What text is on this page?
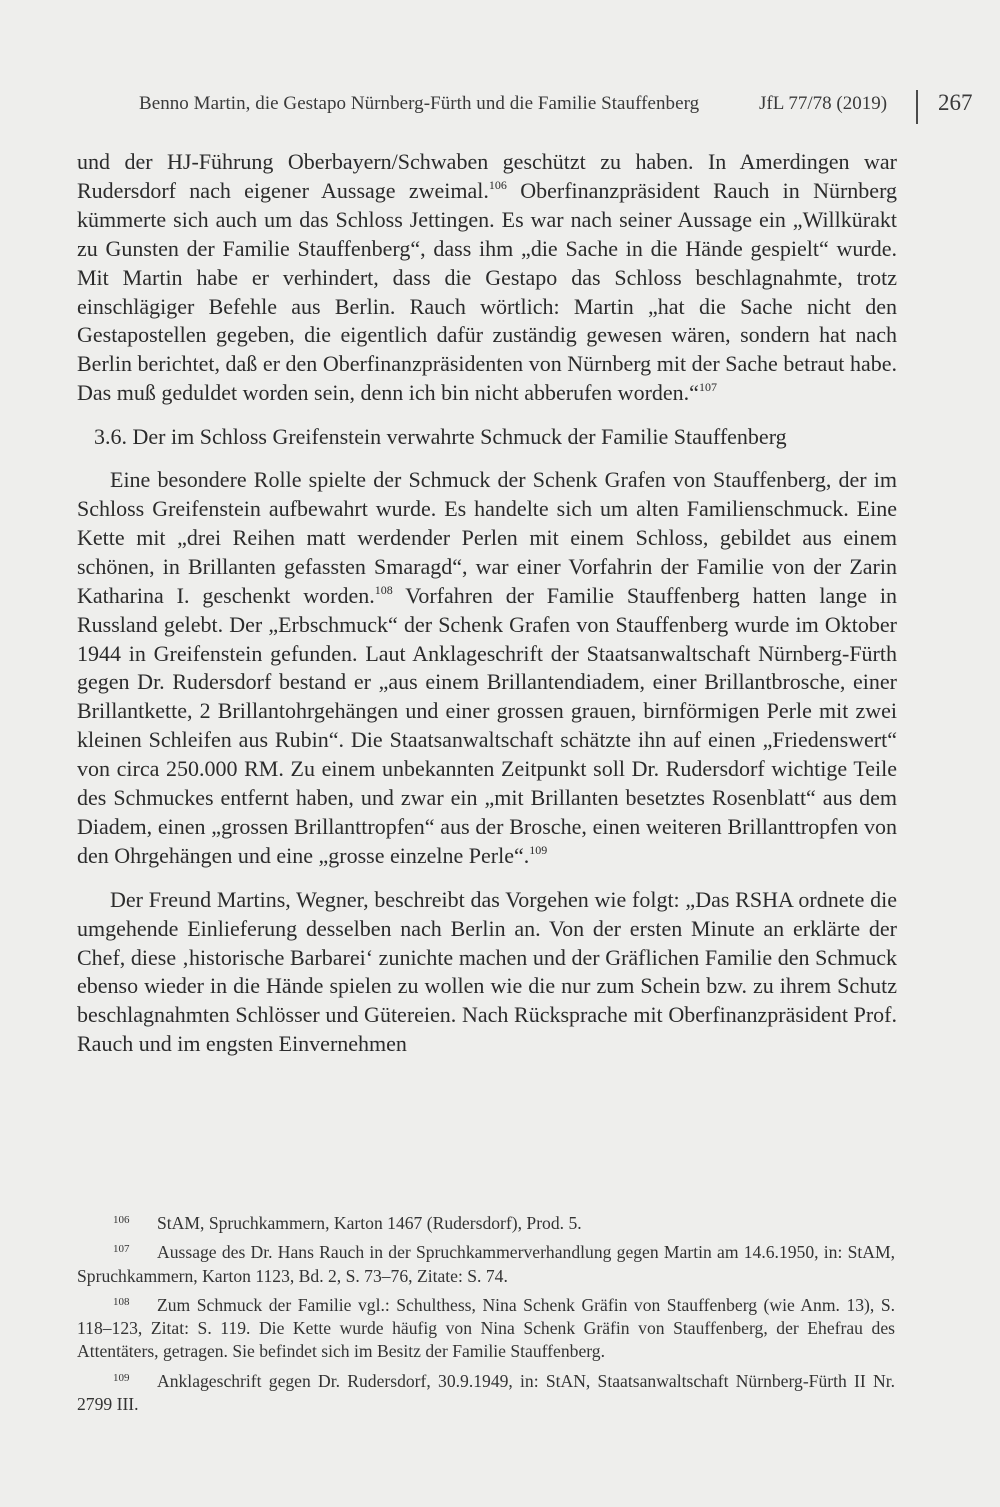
Benno Martin, die Gestapo Nürnberg-Fürth und die Familie Stauffenberg	JfL 77/78 (2019) 267

und der HJ-Führung Oberbayern/Schwaben geschützt zu haben. In Amerdingen war Rudersdorf nach eigener Aussage zweimal.$^{106}$ Oberfinanzpräsident Rauch in Nürnberg kümmerte sich auch um das Schloss Jettingen. Es war nach seiner Aussage ein „Willkürakt zu Gunsten der Familie Stauffenberg“, dass ihm „die Sache in die Hände gespielt“ wurde. Mit Martin habe er verhindert, dass die Gestapo das Schloss beschlagnahmte, trotz einschlägiger Befehle aus Berlin. Rauch wörtlich: Martin „hat die Sache nicht den Gestapostellen gegeben, die eigentlich dafür zuständig gewesen wären, sondern hat nach Berlin berichtet, daß er den Oberfinanzpräsidenten von Nürnberg mit der Sache betraut habe. Das muß geduldet worden sein, denn ich bin nicht abberufen worden.“$^{107}$

3.6. Der im Schloss Greifenstein verwahrte Schmuck der Familie Stauffenberg

Eine besondere Rolle spielte der Schmuck der Schenk Grafen von Stauffenberg, der im Schloss Greifenstein aufbewahrt wurde. Es handelte sich um alten Familienschmuck. Eine Kette mit „drei Reihen matt werdender Perlen mit einem Schloss, gebildet aus einem schönen, in Brillanten gefassten Smaragd“, war einer Vorfahrin der Familie von der Zarin Katharina I. geschenkt worden.$^{108}$ Vorfahren der Familie Stauffenberg hatten lange in Russland gelebt. Der „Erbschmuck“ der Schenk Grafen von Stauffenberg wurde im Oktober 1944 in Greifenstein gefunden. Laut Anklageschrift der Staatsanwaltschaft Nürnberg-Fürth gegen Dr. Rudersdorf bestand er „aus einem Brillantendiadem, einer Brillantbrosche, einer Brillantkette, 2 Brillantohrgehängen und einer grossen grauen, birnförmigen Perle mit zwei kleinen Schleifen aus Rubin“. Die Staatsanwaltschaft schätzte ihn auf einen „Friedenswert“ von circa 250.000 RM. Zu einem unbekannten Zeitpunkt soll Dr. Rudersdorf wichtige Teile des Schmuckes entfernt haben, und zwar ein „mit Brillanten besetztes Rosenblatt“ aus dem Diadem, einen „grossen Brillanttropfen“ aus der Brosche, einen weiteren Brillanttropfen von den Ohrgehängen und eine „grosse einzelne Perle“.$^{109}$

Der Freund Martins, Wegner, beschreibt das Vorgehen wie folgt: „Das RSHA ordnete die umgehende Einlieferung desselben nach Berlin an. Von der ersten Minute an erklärte der Chef, diese ‚historische Barbarei‘ zunichte machen und der Gräflichen Familie den Schmuck ebenso wieder in die Hände spielen zu wollen wie die nur zum Schein bzw. zu ihrem Schutz beschlagnahmten Schlösser und Gütereien. Nach Rücksprache mit Oberfinanzpräsident Prof. Rauch und im engsten Einvernehmen

106 StAM, Spruchkammern, Karton 1467 (Rudersdorf), Prod. 5.

107 Aussage des Dr. Hans Rauch in der Spruchkammerverhandlung gegen Martin am 14.6.1950, in: StAM, Spruchkammern, Karton 1123, Bd. 2, S. 73–76, Zitate: S. 74.

108 Zum Schmuck der Familie vgl.: Schulthess, Nina Schenk Gräfin von Stauffenberg (wie Anm. 13), S. 118–123, Zitat: S. 119. Die Kette wurde häufig von Nina Schenk Gräfin von Stauffenberg, der Ehefrau des Attentäters, getragen. Sie befindet sich im Besitz der Familie Stauffenberg.

109 Anklageschrift gegen Dr. Rudersdorf, 30.9.1949, in: StAN, Staatsanwaltschaft Nürnberg-Fürth II Nr. 2799 III.
